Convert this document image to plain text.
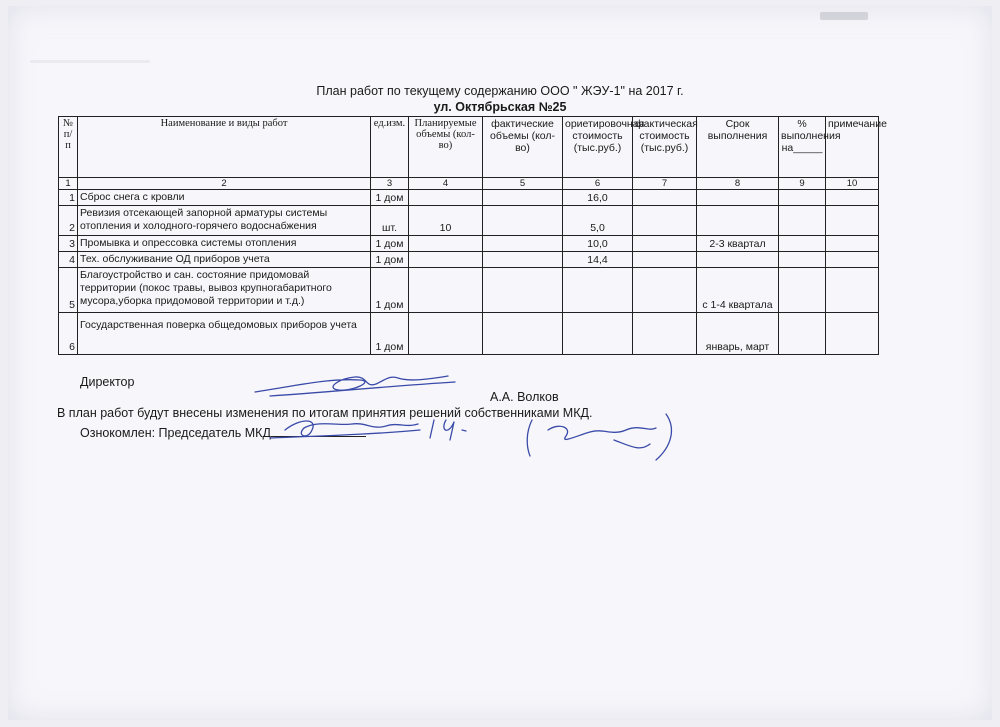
План работ по текущему содержанию ООО " ЖЭУ-1" на 2017 г.
ул. Октябрьская №25
№ п/п	Наименование и виды работ	ед.изм.	Планируемые объемы (кол-во)	фактические объемы (кол-во)	ориетировочная стоимость (тыс.руб.)	фактическая стоимость (тыс.руб.)	Срок выполнения	% выполнения на_____	примечание
1	2	3	4	5	6	7	8	9	10
1	Сброс снега с кровли	1 дом			16,0				
2	Ревизия отсекающей запорной арматуры системы отопления и холодного-горячего водоснабжения	шт.	10		5,0				
3	Промывка и опрессовка системы отопления	1 дом			10,0		2-3 квартал		
4	Тех. обслуживание ОД приборов учета	1 дом			14,4				
5	Благоустройство и сан. состояние придомовай территории (покос травы, вывоз крупногабаритного мусора,уборка придомовой территории и т.д.)	1 дом					с 1-4 квартала		
6	Государственная поверка общедомовых приборов учета	1 дом					январь, март		
Директор
А.А. Волков
В план работ будут внесены изменения по итогам принятия решений собственниками МКД.
Ознокомлен: Председатель МКД
